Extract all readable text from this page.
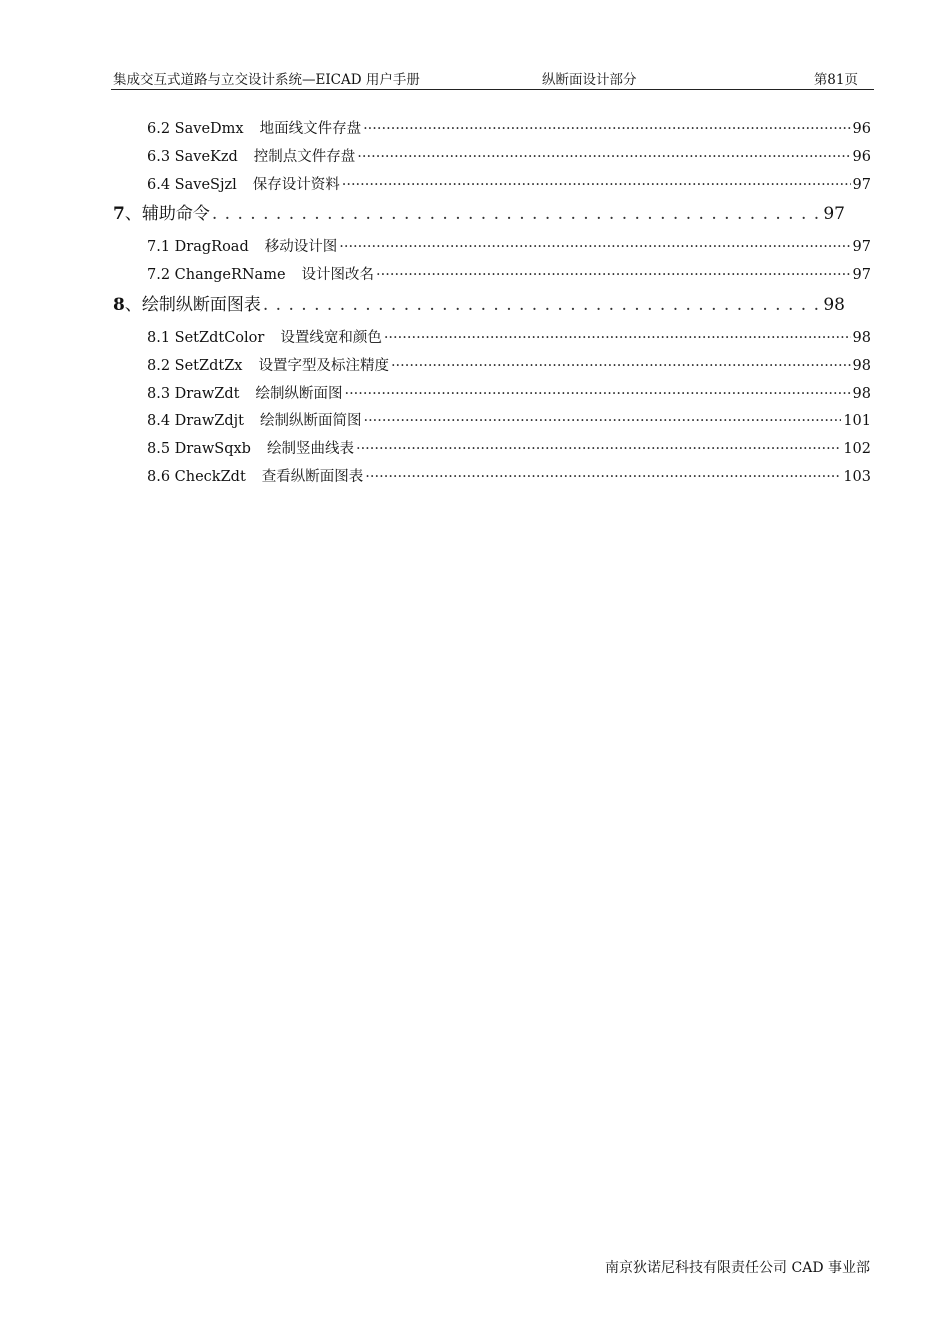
集成交互式道路与立交设计系统—EICAD 用户手册	纵断面设计部分	第81页
6.2 SaveDmx 地面线文件存盘 ·····	96
6.3 SaveKzd 控制点文件存盘 ·····	96
6.4 SaveSjzl 保存设计资料 ·····	97
7 、辅助命令 . . .	97
7.1 DragRoad 移动设计图 ·····	97
7.2 ChangeRName 设计图改名 ·····	97
8 、绘制纵断面图表 . . .	98
8.1 SetZdtColor 设置线宽和颜色 ·····	98
8.2 SetZdtZx 设置字型及标注精度 ·····	98
8.3 DrawZdt 绘制纵断面图 ·····	98
8.4 DrawZdjt 绘制纵断面简图 ·····	101
8.5 DrawSqxb 绘制竖曲线表 ·····	102
8.6 CheckZdt 查看纵断面图表 ·····	103
南京狄诺尼科技有限责任公司 CAD 事业部
